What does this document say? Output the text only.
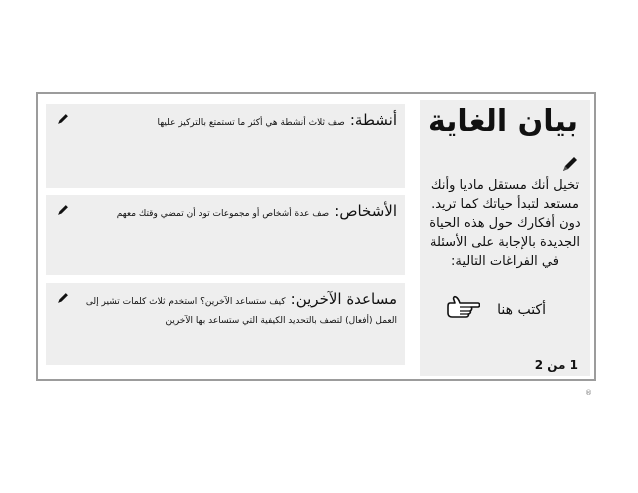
بيان الغاية
تخيل أنك مستقل ماديا وأنك مستعد لتبدأ حياتك كما تريد. دون أفكارك حول هذه الحياة الجديدة بالإجابة على الأسئلة في الفراغات التالية:
أكتب هنا
1 من 2
أنشطة: صف ثلاث أنشطة هي أكثر ما تستمتع بالتركيز عليها
الأشخاص: صف عدة أشخاص أو مجموعات تود أن تمضي وقتك معهم
مساعدة الآخرين: كيف ستساعد الآخرين؟ استخدم ثلاث كلمات تشير إلى العمل (أفعال) لتصف بالتحديد الكيفية التي ستساعد بها الآخرين
®
